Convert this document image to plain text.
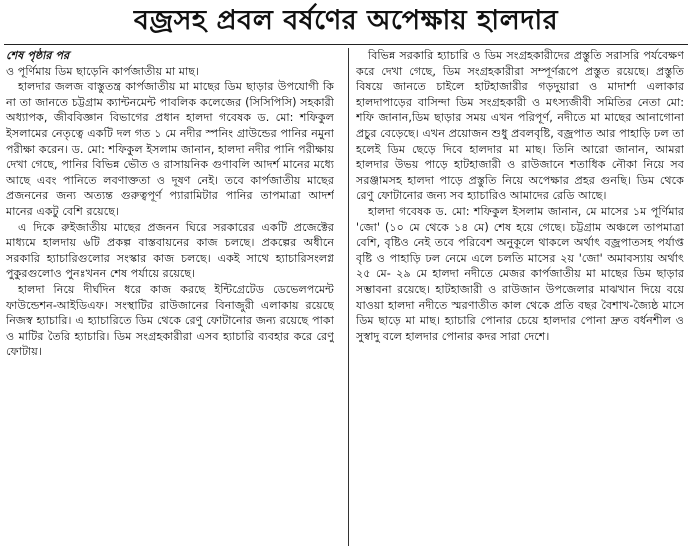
বজ্রসহ প্রবল বর্ষণের অপেক্ষায় হালদার

শেষ পৃষ্ঠার পর

ও পূর্ণিমায় ডিম ছাড়েনি কার্পজাতীয় মা মাছ।

হালদার জলজ বাস্তুতন্ত্র কার্পজাতীয় মা মাছের ডিম ছাড়ার উপযোগী কি না তা জানতে চট্টগ্রাম ক্যান্টনমেন্ট পাবলিক কলেজের (সিসিপিসি) সহকারী অধ্যাপক, জীববিজ্ঞান বিভাগের প্রধান হালদা গবেষক ড. মো: শফিকুল ইসলামের নেতৃত্বে একটি দল গত ১ মে নদীর স্পনিং গ্রাউন্ডের পানির নমুনা পরীক্ষা করেন। ড. মো: শফিকুল ইসলাম জানান, হালদা নদীর পানি পরীক্ষায় দেখা গেছে, পানির বিভিন্ন ভৌত ও রাসায়নিক গুণাবলি আদর্শ মানের মধ্যে আছে এবং পানিতে লবণাক্ততা ও দূষণ নেই। তবে কার্পজাতীয় মাছের প্রজননের জন্য অত্যন্ত গুরুত্বপূর্ণ প্যারামিটার পানির তাপমাত্রা আদর্শ মানের একটু বেশি রয়েছে।

এ দিকে রুইজাতীয় মাছের প্রজনন ঘিরে সরকারের একটি প্রজেক্টের মাধ্যমে হালদায় ৬টি প্রকল্প বাস্তবায়নের কাজ চলছে। প্রকল্পের অধীনে সরকারি হ্যাচারিগুলোর সংস্কার কাজ চলছে। একই সাথে হ্যাচারিসংলগ্ন পুকুরগুলোও পুনঃখনন শেষ পর্যায়ে রয়েছে।

হালদা নিয়ে দীর্ঘদিন ধরে কাজ করছে ইন্টিগ্রেটেড ডেভেলপমেন্ট ফাউন্ডেশন-আইডিএফ। সংস্থাটির রাউজানের বিনাজুরী এলাকায় রয়েছে নিজস্ব হ্যাচারি। এ হ্যাচারিতে ডিম থেকে রেণু ফোটানোর জন্য রয়েছে পাকা ও মাটির তৈরি হ্যাচারি। ডিম সংগ্রহকারীরা এসব হ্যাচারি ব্যবহার করে রেণু ফোটায়।

বিভিন্ন সরকারি হ্যাচারি ও ডিম সংগ্রহকারীদের প্রস্তুতি সরাসরি পর্যবেক্ষণ করে দেখা গেছে, ডিম সংগ্রহকারীরা সম্পূর্ণরূপে প্রস্তুত রয়েছে। প্রস্তুতি বিষয়ে জানতে চাইলে হাটহাজারীর গড়দুয়ারা ও মাদার্শা এলাকার হালদাপাড়ের বাসিন্দা ডিম সংগ্রহকারী ও মৎস্যজীবী সমিতির নেতা মো: শফি জানান,ডিম ছাড়ার সময় এখন পরিপূর্ণ, নদীতে মা মাছের আনাগোনা প্রচুর বেড়েছে। এখন প্রয়োজন শুধু প্রবলবৃষ্টি, বজ্রপাত আর পাহাড়ি ঢল তা হলেই ডিম ছেড়ে দিবে হালদার মা মাছ। তিনি আরো জানান, আমরা হালদার উভয় পাড়ে হাটহাজারী ও রাউজানে শতাধিক নৌকা নিয়ে সব সরঞ্জামসহ হালদা পাড়ে প্রস্তুতি নিয়ে অপেক্ষার প্রহর গুনছি। ডিম থেকে রেণু ফোটানোর জন্য সব হ্যাচারিও আমাদের রেডি আছে।

হালদা গবেষক ড. মো: শফিকুল ইসলাম জানান, মে মাসের ১ম পূর্ণিমার 'জো' (১০ মে থেকে ১৪ মে) শেষ হয়ে গেছে। চট্টগ্রাম অঞ্চলে তাপমাত্রা বেশি, বৃষ্টিও নেই তবে পরিবেশ অনুকূলে থাকলে অর্থাৎ বজ্রপাতসহ পর্যাপ্ত বৃষ্টি ও পাহাড়ি ঢল নেমে এলে চলতি মাসের ২য় 'জো' অমাবস্যায় অর্থাৎ ২৫ মে- ২৯ মে হালদা নদীতে মেজর কার্পজাতীয় মা মাছের ডিম ছাড়ার সম্ভাবনা রয়েছে। হাটহাজারী ও রাউজান উপজেলার মাঝখান দিয়ে বয়ে যাওয়া হালদা নদীতে স্মরণাতীত কাল থেকে প্রতি বছর বৈশাখ-জ্যৈষ্ঠ মাসে ডিম ছাড়ে মা মাছ। হ্যাচারি পোনার চেয়ে হালদার পোনা দ্রুত বর্ধনশীল ও সুস্বাদু বলে হালদার পোনার কদর সারা দেশে।
